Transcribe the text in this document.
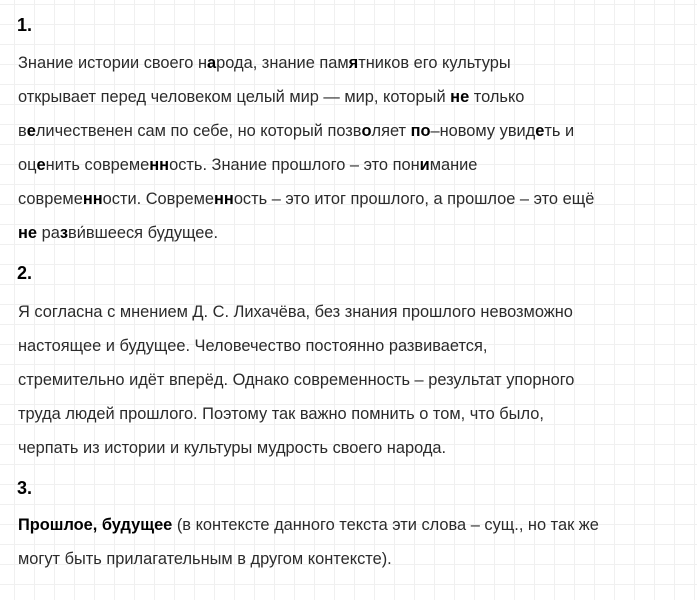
1.
Знание истории своего народа, знание памятников его культуры
открывает перед человеком целый мир — мир, который не только
величественен сам по себе, но который позволяет по–новому увидеть и
оценить современность. Знание прошлого – это понимание
современности. Современность – это итог прошлого, а прошлое – это ещё
не разви́вшееся будущее.
2.
Я согласна с мнением Д. С. Лихачёва, без знания прошлого невозможно
настоящее и будущее. Человечество постоянно развивается,
стремительно идёт вперёд. Однако современность – результат упорного
труда людей прошлого. Поэтому так важно помнить о том, что было,
черпать из истории и культуры мудрость своего народа.
3.
Прошлое, будущее (в контексте данного текста эти слова – сущ., но так же
могут быть прилагательным в другом контексте).
